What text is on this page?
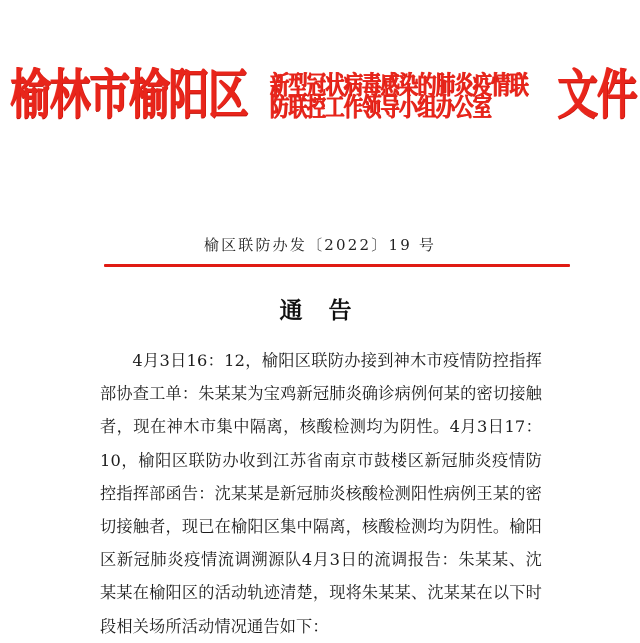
榆林市榆阳区 新型冠状病毒感染的肺炎疫情联
防联控工作领导小组办公室	文件
榆区联防办发〔2022〕19 号
通 告
4月3日16：12，榆阳区联防办接到神木市疫情防控指挥部协查工单：朱某某为宝鸡新冠肺炎确诊病例何某的密切接触者，现在神木市集中隔离，核酸检测均为阴性。4月3日17：10，榆阳区联防办收到江苏省南京市鼓楼区新冠肺炎疫情防控指挥部函告：沈某某是新冠肺炎核酸检测阳性病例王某的密切接触者，现已在榆阳区集中隔离，核酸检测均为阴性。榆阳区新冠肺炎疫情流调溯源队4月3日的流调报告：朱某某、沈某某在榆阳区的活动轨迹清楚，现将朱某某、沈某某在以下时段相关场所活动情况通告如下：
